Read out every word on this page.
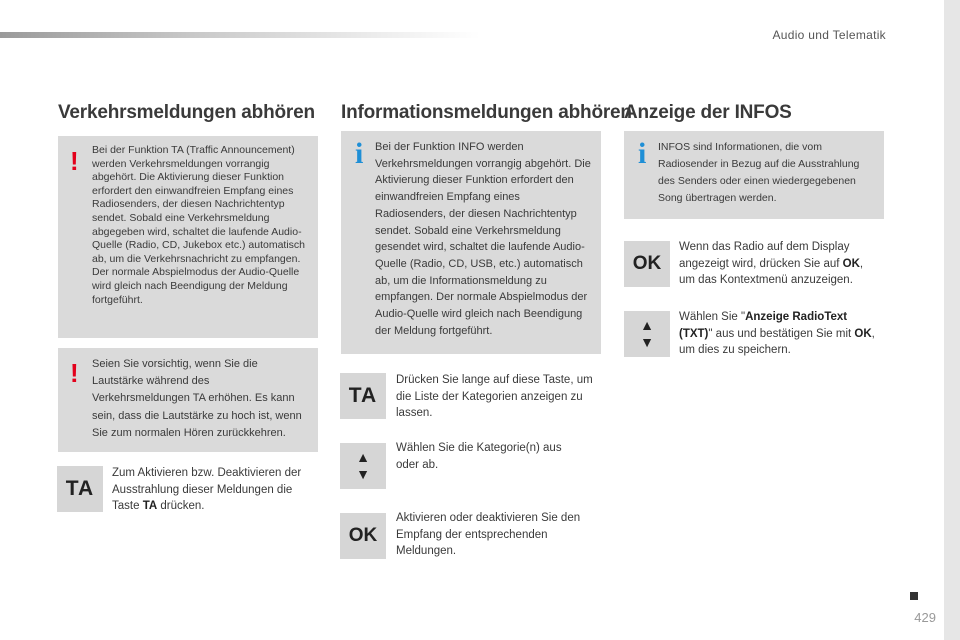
Audio und Telematik
429
Verkehrsmeldungen abhören
! Bei der Funktion TA (Traffic Announcement) werden Verkehrsmeldungen vorrangig abgehört. Die Aktivierung dieser Funktion erfordert den einwandfreien Empfang eines Radiosenders, der diesen Nachrichtentyp sendet. Sobald eine Verkehrsmeldung abgegeben wird, schaltet die laufende Audio-Quelle (Radio, CD, Jukebox etc.) automatisch ab, um die Verkehrsnachricht zu empfangen. Der normale Abspielmodus der Audio-Quelle wird gleich nach Beendigung der Meldung fortgeführt.
! Seien Sie vorsichtig, wenn Sie die Lautstärke während des Verkehrsmeldungen TA erhöhen. Es kann sein, dass die Lautstärke zu hoch ist, wenn Sie zum normalen Hören zurückkehren.
TA
Zum Aktivieren bzw. Deaktivieren der Ausstrahlung dieser Meldungen die Taste TA drücken.
Informationsmeldungen abhören
i Bei der Funktion INFO werden Verkehrsmeldungen vorrangig abgehört. Die Aktivierung dieser Funktion erfordert den einwandfreien Empfang eines Radiosenders, der diesen Nachrichtentyp sendet. Sobald eine Verkehrsmeldung gesendet wird, schaltet die laufende Audio-Quelle (Radio, CD, USB, etc.) automatisch ab, um die Informationsmeldung zu empfangen. Der normale Abspielmodus der Audio-Quelle wird gleich nach Beendigung der Meldung fortgeführt.
TA
Drücken Sie lange auf diese Taste, um die Liste der Kategorien anzeigen zu lassen.
▲
▼
Wählen Sie die Kategorie(n) aus oder ab.
OK
Aktivieren oder deaktivieren Sie den Empfang der entsprechenden Meldungen.
Anzeige der INFOS
i INFOS sind Informationen, die vom Radiosender in Bezug auf die Ausstrahlung des Senders oder einen wiedergegebenen Song übertragen werden.
OK
Wenn das Radio auf dem Display angezeigt wird, drücken Sie auf OK, um das Kontextmenü anzuzeigen.
▲
▼
Wählen Sie "Anzeige RadioText (TXT)" aus und bestätigen Sie mit OK, um dies zu speichern.
